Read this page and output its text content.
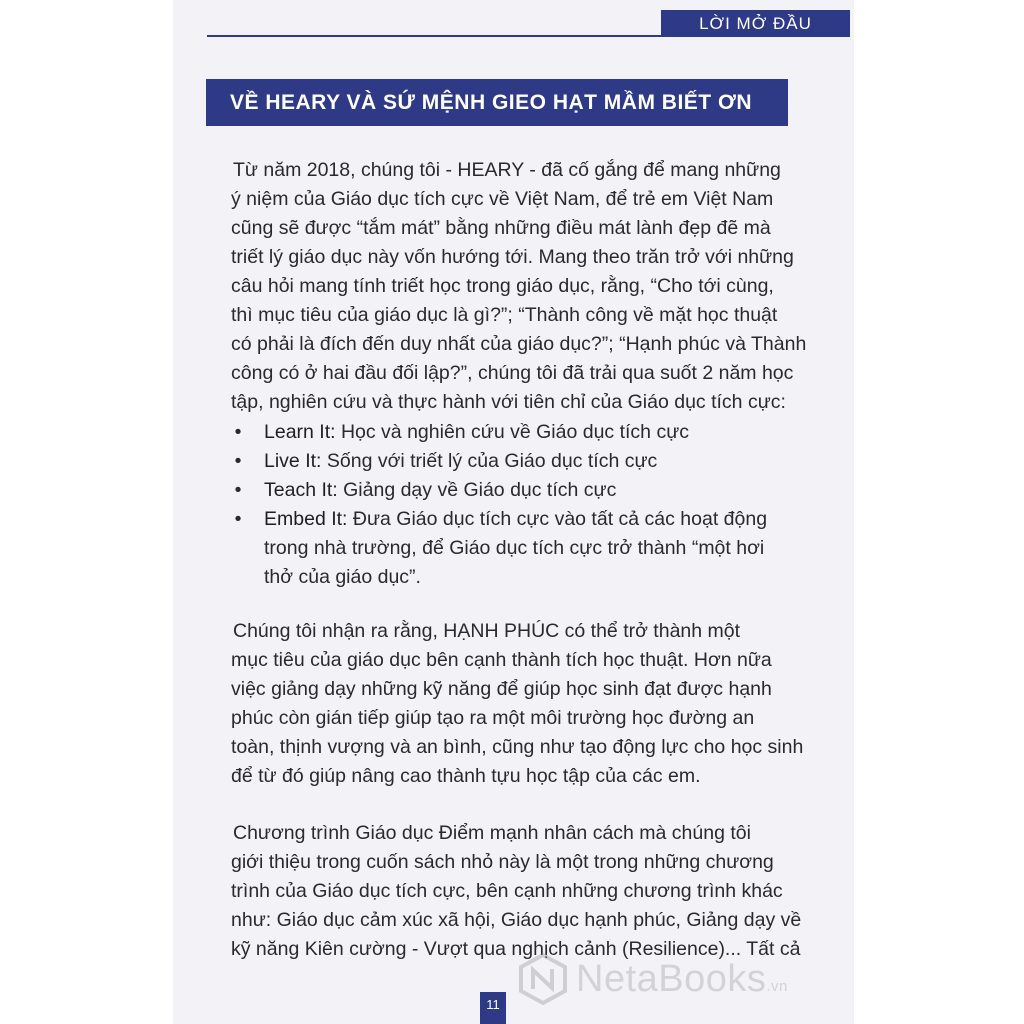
LỜI MỞ ĐẦU
VỀ HEARY VÀ SỨ MỆNH GIEO HẠT MẦM BIẾT ƠN
Từ năm 2018, chúng tôi - HEARY - đã cố gắng để mang những
ý niệm của Giáo dục tích cực về Việt Nam, để trẻ em Việt Nam
cũng sẽ được “tắm mát” bằng những điều mát lành đẹp đẽ mà
triết lý giáo dục này vốn hướng tới. Mang theo trăn trở với những
câu hỏi mang tính triết học trong giáo dục, rằng, “Cho tới cùng,
thì mục tiêu của giáo dục là gì?”; “Thành công về mặt học thuật
có phải là đích đến duy nhất của giáo dục?”; “Hạnh phúc và Thành
công có ở hai đầu đối lập?”, chúng tôi đã trải qua suốt 2 năm học
tập, nghiên cứu và thực hành với tiên chỉ của Giáo dục tích cực:
• Learn It: Học và nghiên cứu về Giáo dục tích cực
• Live It: Sống với triết lý của Giáo dục tích cực
• Teach It: Giảng dạy về Giáo dục tích cực
• Embed It: Đưa Giáo dục tích cực vào tất cả các hoạt động
trong nhà trường, để Giáo dục tích cực trở thành “một hơi
thở của giáo dục”.
Chúng tôi nhận ra rằng, HẠNH PHÚC có thể trở thành một
mục tiêu của giáo dục bên cạnh thành tích học thuật. Hơn nữa
việc giảng dạy những kỹ năng để giúp học sinh đạt được hạnh
phúc còn gián tiếp giúp tạo ra một môi trường học đường an
toàn, thịnh vượng và an bình, cũng như tạo động lực cho học sinh
để từ đó giúp nâng cao thành tựu học tập của các em.
Chương trình Giáo dục Điểm mạnh nhân cách mà chúng tôi
giới thiệu trong cuốn sách nhỏ này là một trong những chương
trình của Giáo dục tích cực, bên cạnh những chương trình khác
như: Giáo dục cảm xúc xã hội, Giáo dục hạnh phúc, Giảng dạy về
kỹ năng Kiên cường - Vượt qua nghịch cảnh (Resilience)... Tất cả
NetaBooks.vn
11
